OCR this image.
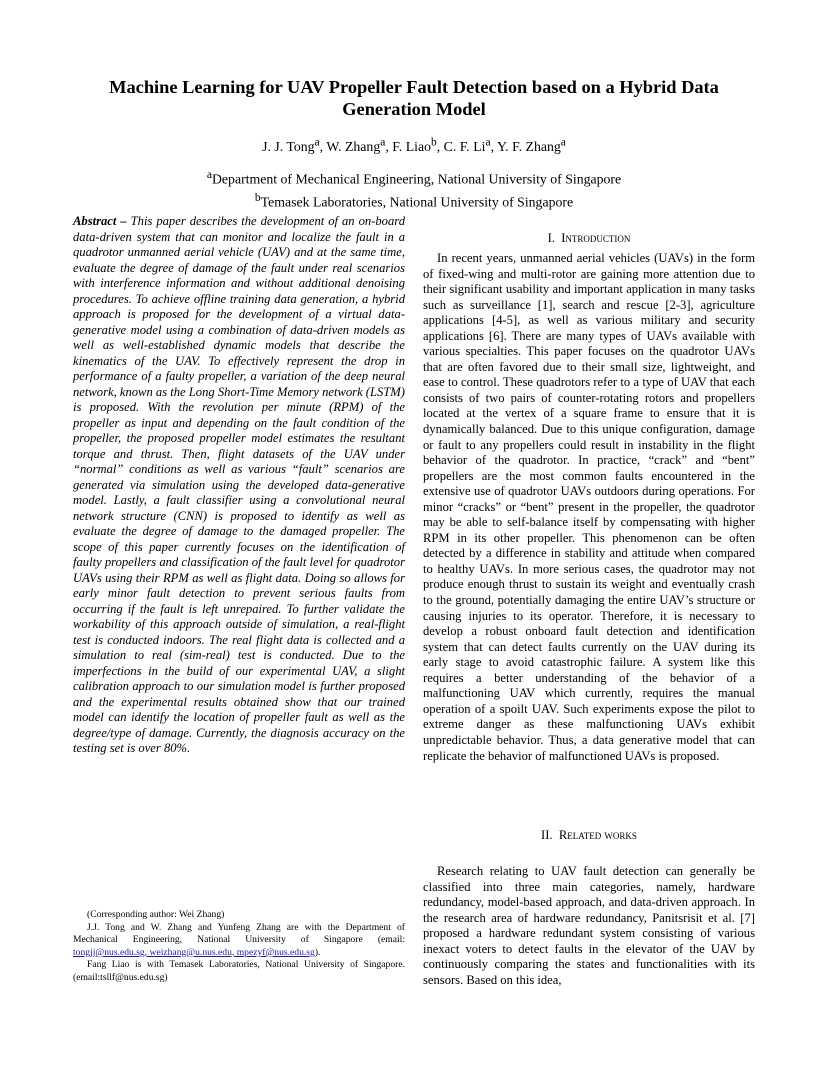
Machine Learning for UAV Propeller Fault Detection based on a Hybrid Data Generation Model
J. J. Tong$^a$, W. Zhang$^a$, F. Liao$^b$, C. F. Li$^a$, Y. F. Zhang$^a$
$^a$Department of Mechanical Engineering, National University of Singapore
$^b$Temasek Laboratories, National University of Singapore
Abstract – This paper describes the development of an on-board data-driven system that can monitor and localize the fault in a quadrotor unmanned aerial vehicle (UAV) and at the same time, evaluate the degree of damage of the fault under real scenarios with interference information and without additional denoising procedures. To achieve offline training data generation, a hybrid approach is proposed for the development of a virtual data-generative model using a combination of data-driven models as well as well-established dynamic models that describe the kinematics of the UAV. To effectively represent the drop in performance of a faulty propeller, a variation of the deep neural network, known as the Long Short-Time Memory network (LSTM) is proposed. With the revolution per minute (RPM) of the propeller as input and depending on the fault condition of the propeller, the proposed propeller model estimates the resultant torque and thrust. Then, flight datasets of the UAV under “normal” conditions as well as various “fault” scenarios are generated via simulation using the developed data-generative model. Lastly, a fault classifier using a convolutional neural network structure (CNN) is proposed to identify as well as evaluate the degree of damage to the damaged propeller. The scope of this paper currently focuses on the identification of faulty propellers and classification of the fault level for quadrotor UAVs using their RPM as well as flight data. Doing so allows for early minor fault detection to prevent serious faults from occurring if the fault is left unrepaired. To further validate the workability of this approach outside of simulation, a real-flight test is conducted indoors. The real flight data is collected and a simulation to real (sim-real) test is conducted. Due to the imperfections in the build of our experimental UAV, a slight calibration approach to our simulation model is further proposed and the experimental results obtained show that our trained model can identify the location of propeller fault as well as the degree/type of damage. Currently, the diagnosis accuracy on the testing set is over 80%.

(Corresponding author: Wei Zhang)

J.J. Tong and W. Zhang and Yunfeng Zhang are with the Department of Mechanical Engineering, National University of Singapore (email: tongjj@nus.edu.sg, weizhang@u.nus.edu, mpezyf@nus.edu.sg).

Fang Liao is with Temasek Laboratories, National University of Singapore. (email:tsllf@nus.edu.sg)

I. Introduction

In recent years, unmanned aerial vehicles (UAVs) in the form of fixed-wing and multi-rotor are gaining more attention due to their significant usability and important application in many tasks such as surveillance [1], search and rescue [2-3], agriculture applications [4-5], as well as various military and security applications [6]. There are many types of UAVs available with various specialties. This paper focuses on the quadrotor UAVs that are often favored due to their small size, lightweight, and ease to control. These quadrotors refer to a type of UAV that each consists of two pairs of counter-rotating rotors and propellers located at the vertex of a square frame to ensure that it is dynamically balanced. Due to this unique configuration, damage or fault to any propellers could result in instability in the flight behavior of the quadrotor. In practice, “crack” and “bent” propellers are the most common faults encountered in the extensive use of quadrotor UAVs outdoors during operations. For minor “cracks” or “bent” present in the propeller, the quadrotor may be able to self-balance itself by compensating with higher RPM in its other propeller. This phenomenon can be often detected by a difference in stability and attitude when compared to healthy UAVs. In more serious cases, the quadrotor may not produce enough thrust to sustain its weight and eventually crash to the ground, potentially damaging the entire UAV’s structure or causing injuries to its operator. Therefore, it is necessary to develop a robust onboard fault detection and identification system that can detect faults currently on the UAV during its early stage to avoid catastrophic failure. A system like this requires a better understanding of the behavior of a malfunctioning UAV which currently, requires the manual operation of a spoilt UAV. Such experiments expose the pilot to extreme danger as these malfunctioning UAVs exhibit unpredictable behavior. Thus, a data generative model that can replicate the behavior of malfunctioned UAVs is proposed.

II. Related works

Research relating to UAV fault detection can generally be classified into three main categories, namely, hardware redundancy, model-based approach, and data-driven approach. In the research area of hardware redundancy, Panitsrisit et al. [7] proposed a hardware redundant system consisting of various inexact voters to detect faults in the elevator of the UAV by continuously comparing the states and functionalities with its sensors. Based on this idea,
